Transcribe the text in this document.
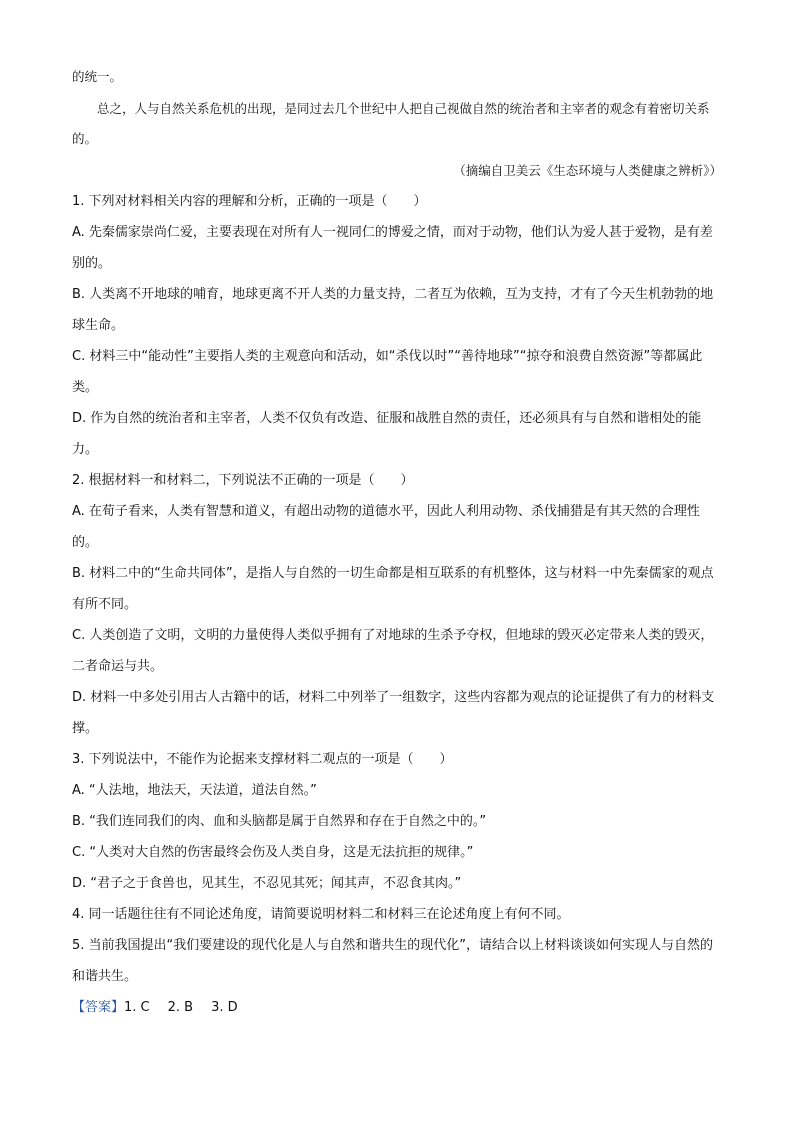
的统一。
总之，人与自然关系危机的出现，是同过去几个世纪中人把自己视做自然的统治者和主宰者的观念有着密切关系的。
（摘编自卫美云《生态环境与人类健康之辨析》）

1. 下列对材料相关内容的理解和分析，正确的一项是（　　）

A. 先秦儒家崇尚仁爱，主要表现在对所有人一视同仁的博爱之情，而对于动物，他们认为爱人甚于爱物，是有差别的。

B. 人类离不开地球的哺育，地球更离不开人类的力量支持，二者互为依赖，互为支持，才有了今天生机勃勃的地球生命。

C. 材料三中“能动性”主要指人类的主观意向和活动，如“杀伐以时”“善待地球”“掠夺和浪费自然资源”等都属此类。

D. 作为自然的统治者和主宰者，人类不仅负有改造、征服和战胜自然的责任，还必须具有与自然和谐相处的能力。

2. 根据材料一和材料二，下列说法不正确的一项是（　　）

A. 在荀子看来，人类有智慧和道义，有超出动物的道德水平，因此人利用动物、杀伐捕猎是有其天然的合理性的。

B. 材料二中的“生命共同体”，是指人与自然的一切生命都是相互联系的有机整体，这与材料一中先秦儒家的观点有所不同。

C. 人类创造了文明，文明的力量使得人类似乎拥有了对地球的生杀予夺权，但地球的毁灭必定带来人类的毁灭，二者命运与共。

D. 材料一中多处引用古人古籍中的话，材料二中列举了一组数字，这些内容都为观点的论证提供了有力的材料支撑。

3. 下列说法中，不能作为论据来支撑材料二观点的一项是（　　）

A. “人法地，地法天，天法道，道法自然。”

B. “我们连同我们的肉、血和头脑都是属于自然界和存在于自然之中的。”

C. “人类对大自然的伤害最终会伤及人类自身，这是无法抗拒的规律。”

D. “君子之于食兽也，见其生，不忍见其死；闻其声，不忍食其肉。”

4. 同一话题往往有不同论述角度，请简要说明材料二和材料三在论述角度上有何不同。

5. 当前我国提出“我们要建设的现代化是人与自然和谐共生的现代化”，请结合以上材料谈谈如何实现人与自然的和谐共生。

【答案】1. C 2. B 3. D
